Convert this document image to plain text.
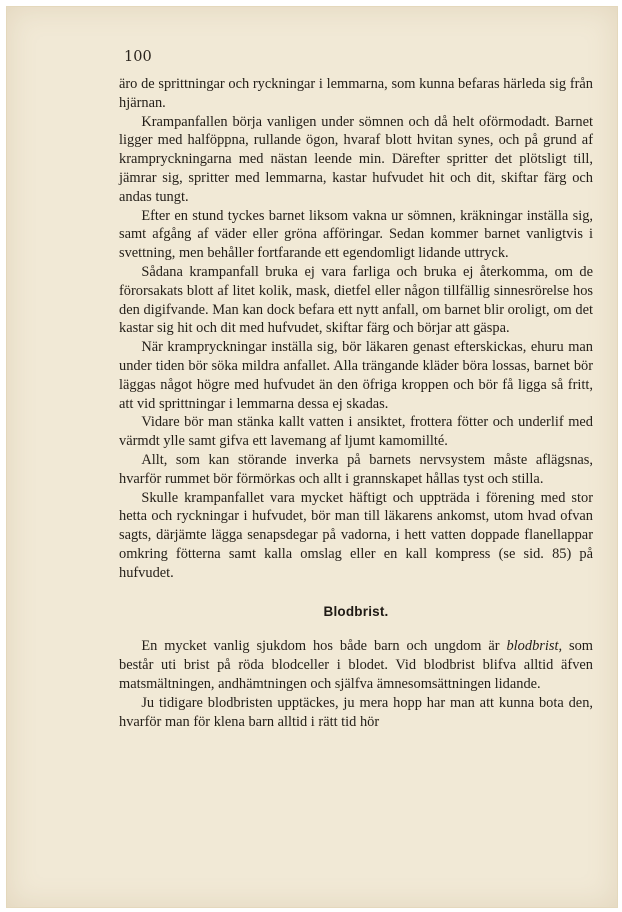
100

äro de sprittningar och ryckningar i lemmarna, som kunna befaras härleda sig från hjärnan.

Krampanfallen börja vanligen under sömnen och då helt oförmodadt. Barnet ligger med halföppna, rullande ögon, hvaraf blott hvitan synes, och på grund af krampryckningarna med nästan leende min. Därefter spritter det plötsligt till, jämrar sig, spritter med lemmarna, kastar hufvudet hit och dit, skiftar färg och andas tungt.

Efter en stund tyckes barnet liksom vakna ur sömnen, kräkningar inställa sig, samt afgång af väder eller gröna afföringar. Sedan kommer barnet vanligtvis i svettning, men behåller fortfarande ett egendomligt lidande uttryck.

Sådana krampanfall bruka ej vara farliga och bruka ej återkomma, om de förorsakats blott af litet kolik, mask, dietfel eller någon tillfällig sinnesrörelse hos den digifvande. Man kan dock befara ett nytt anfall, om barnet blir oroligt, om det kastar sig hit och dit med hufvudet, skiftar färg och börjar att gäspa.

När krampryckningar inställa sig, bör läkaren genast efterskickas, ehuru man under tiden bör söka mildra anfallet. Alla trängande kläder böra lossas, barnet bör läggas något högre med hufvudet än den öfriga kroppen och bör få ligga så fritt, att vid sprittningar i lemmarna dessa ej skadas.

Vidare bör man stänka kallt vatten i ansiktet, frottera fötter och underlif med värmdt ylle samt gifva ett lavemang af ljumt kamomillté.

Allt, som kan störande inverka på barnets nervsystem måste aflägsnas, hvarför rummet bör förmörkas och allt i grannskapet hållas tyst och stilla.

Skulle krampanfallet vara mycket häftigt och uppträda i förening med stor hetta och ryckningar i hufvudet, bör man till läkarens ankomst, utom hvad ofvan sagts, därjämte lägga senapsdegar på vadorna, i hett vatten doppade flanellappar omkring fötterna samt kalla omslag eller en kall kompress (se sid. 85) på hufvudet.

Blodbrist.

En mycket vanlig sjukdom hos både barn och ungdom är blodbrist, som består uti brist på röda blodceller i blodet. Vid blodbrist blifva alltid äfven matsmältningen, andhämtningen och själfva ämnesomsättningen lidande.

Ju tidigare blodbristen upptäckes, ju mera hopp har man att kunna bota den, hvarför man för klena barn alltid i rätt tid hör
